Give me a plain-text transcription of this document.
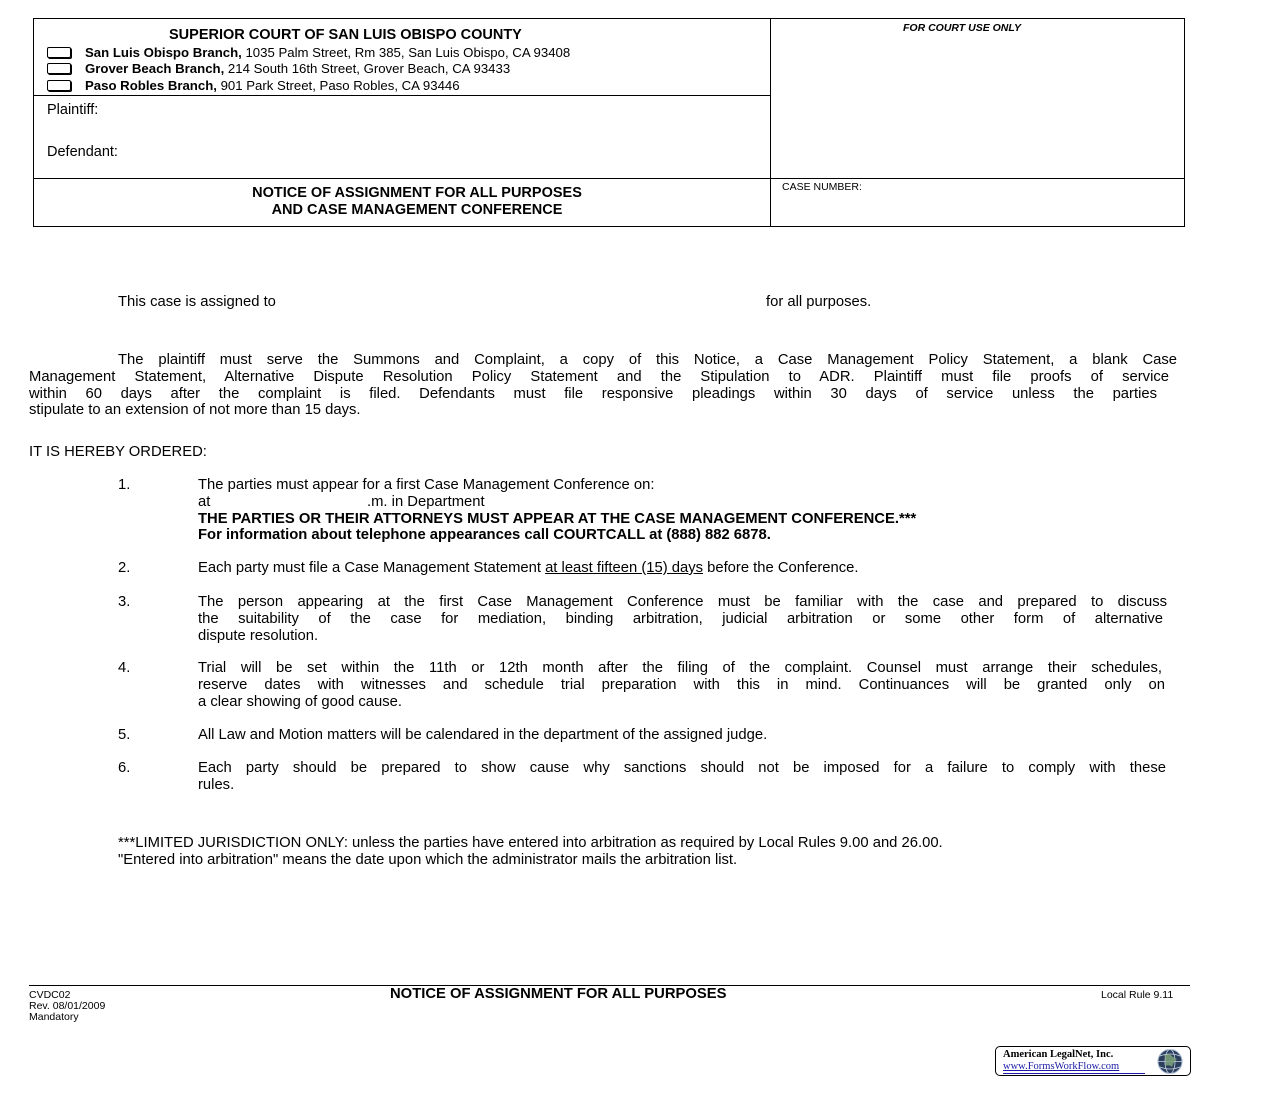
SUPERIOR COURT OF SAN LUIS OBISPO COUNTY
San Luis Obispo Branch, 1035 Palm Street, Rm 385, San Luis Obispo, CA 93408
Grover Beach Branch, 214 South 16th Street, Grover Beach, CA 93433
Paso Robles Branch, 901 Park Street, Paso Robles, CA 93446
FOR COURT USE ONLY
Plaintiff:
Defendant:
NOTICE OF ASSIGNMENT FOR ALL PURPOSES
AND CASE MANAGEMENT CONFERENCE
CASE NUMBER:
This case is assigned to	for all purposes.
The plaintiff must serve the Summons and Complaint, a copy of this Notice, a Case Management Policy Statement, a blank Case
Management Statement, Alternative Dispute Resolution Policy Statement and the Stipulation to ADR. Plaintiff must file proofs of service
within 60 days after the complaint is filed. Defendants must file responsive pleadings within 30 days of service unless the parties
stipulate to an extension of not more than 15 days.
IT IS HEREBY ORDERED:
1.	The parties must appear for a first Case Management Conference on:
at	.m. in Department
THE PARTIES OR THEIR ATTORNEYS MUST APPEAR AT THE CASE MANAGEMENT CONFERENCE.***
For information about telephone appearances call COURTCALL at (888) 882 6878.
2.	Each party must file a Case Management Statement at least fifteen (15) days before the Conference.
3.	The person appearing at the first Case Management Conference must be familiar with the case and prepared to discuss
the suitability of the case for mediation, binding arbitration, judicial arbitration or some other form of alternative
dispute resolution.
4.	Trial will be set within the 11th or 12th month after the filing of the complaint. Counsel must arrange their schedules,
reserve dates with witnesses and schedule trial preparation with this in mind. Continuances will be granted only on
a clear showing of good cause.
5.	All Law and Motion matters will be calendared in the department of the assigned judge.
6.	Each party should be prepared to show cause why sanctions should not be imposed for a failure to comply with these
rules.
***LIMITED JURISDICTION ONLY: unless the parties have entered into arbitration as required by Local Rules 9.00 and 26.00.
"Entered into arbitration" means the date upon which the administrator mails the arbitration list.
CVDC02
Rev. 08/01/2009
Mandatory
NOTICE OF ASSIGNMENT FOR ALL PURPOSES	Local Rule 9.11
American LegalNet, Inc.
www.FormsWorkFlow.com
